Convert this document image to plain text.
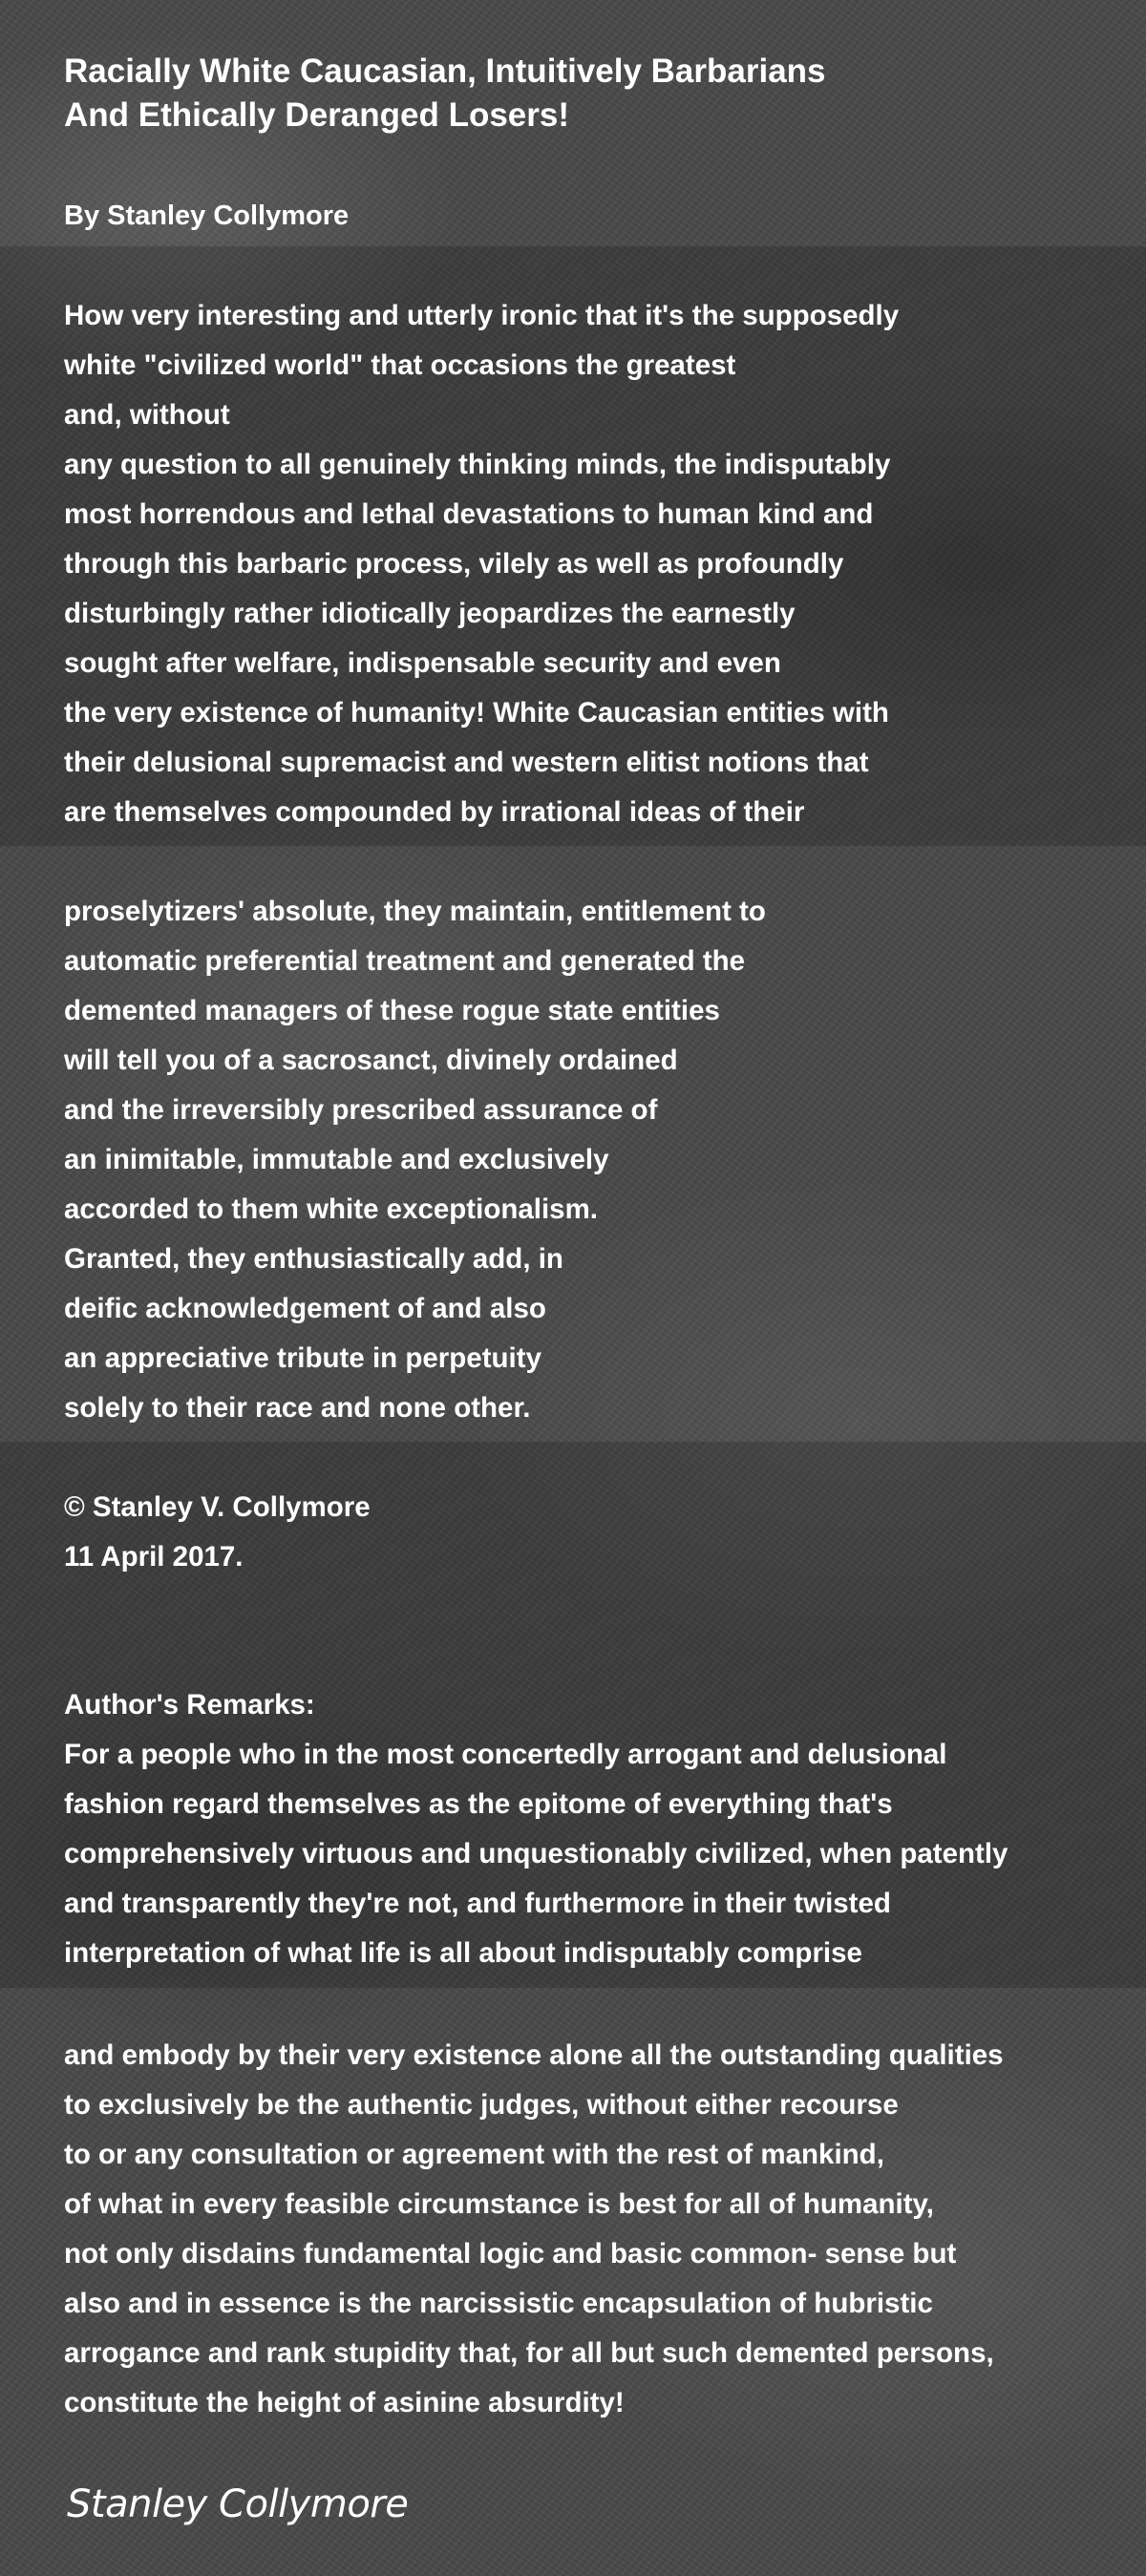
Racially White Caucasian, Intuitively Barbarians
And Ethically Deranged Losers!
By Stanley Collymore
How very interesting and utterly ironic that it's the supposedly
white "civilized world" that occasions the greatest
and, without
any question to all genuinely thinking minds, the indisputably
most horrendous and lethal devastations to human kind and
through this barbaric process, vilely as well as profoundly
disturbingly rather idiotically jeopardizes the earnestly
sought after welfare, indispensable security and even
the very existence of humanity! White Caucasian entities with
their delusional supremacist and western elitist notions that
are themselves compounded by irrational ideas of their
proselytizers' absolute, they maintain, entitlement to
automatic preferential treatment and generated the
demented managers of these rogue state entities
will tell you of a sacrosanct, divinely ordained
and the irreversibly prescribed assurance of
an inimitable, immutable and exclusively
accorded to them white exceptionalism.
Granted, they enthusiastically add, in
deific acknowledgement of and also
an appreciative tribute in perpetuity
solely to their race and none other.
© Stanley V. Collymore
11 April 2017.
Author's Remarks:
For a people who in the most concertedly arrogant and delusional
fashion regard themselves as the epitome of everything that's
comprehensively virtuous and unquestionably civilized, when patently
and transparently they're not, and furthermore in their twisted
interpretation of what life is all about indisputably comprise
and embody by their very existence alone all the outstanding qualities
to exclusively be the authentic judges, without either recourse
to or any consultation or agreement with the rest of mankind,
of what in every feasible circumstance is best for all of humanity,
not only disdains fundamental logic and basic common- sense but
also and in essence is the narcissistic encapsulation of hubristic
arrogance and rank stupidity that, for all but such demented persons,
constitute the height of asinine absurdity!
Stanley Collymore
